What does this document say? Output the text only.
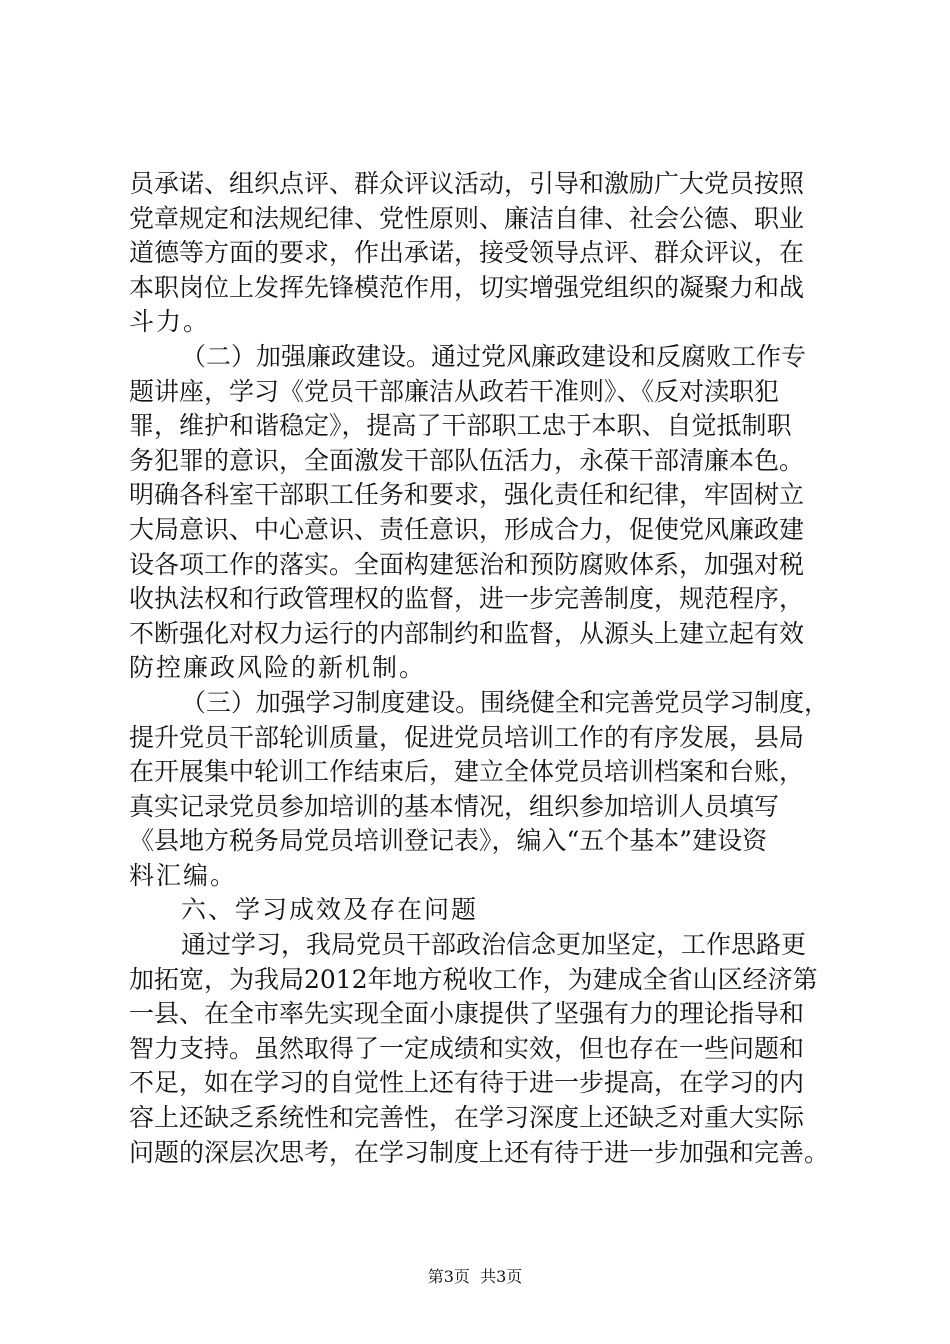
员承诺、组织点评、群众评议活动，引导和激励广大党员按照
党章规定和法规纪律、党性原则、廉洁自律、社会公德、职业
道德等方面的要求，作出承诺，接受领导点评、群众评议，在
本职岗位上发挥先锋模范作用，切实增强党组织的凝聚力和战
斗力。
（二）加强廉政建设。通过党风廉政建设和反腐败工作专
题讲座，学习《党员干部廉洁从政若干准则》、《反对渎职犯
罪，维护和谐稳定》，提高了干部职工忠于本职、自觉抵制职
务犯罪的意识，全面激发干部队伍活力，永葆干部清廉本色。
明确各科室干部职工任务和要求，强化责任和纪律，牢固树立
大局意识、中心意识、责任意识，形成合力，促使党风廉政建
设各项工作的落实。全面构建惩治和预防腐败体系，加强对税
收执法权和行政管理权的监督，进一步完善制度，规范程序，
不断强化对权力运行的内部制约和监督，从源头上建立起有效
防控廉政风险的新机制。
（三）加强学习制度建设。围绕健全和完善党员学习制度，
提升党员干部轮训质量，促进党员培训工作的有序发展，县局
在开展集中轮训工作结束后，建立全体党员培训档案和台账，
真实记录党员参加培训的基本情况，组织参加培训人员填写
《县地方税务局党员培训登记表》，编入“五个基本”建设资
料汇编。
六、学习成效及存在问题
通过学习，我局党员干部政治信念更加坚定，工作思路更
加拓宽，为我局2012年地方税收工作，为建成全省山区经济第
一县、在全市率先实现全面小康提供了坚强有力的理论指导和
智力支持。虽然取得了一定成绩和实效，但也存在一些问题和
不足，如在学习的自觉性上还有待于进一步提高，在学习的内
容上还缺乏系统性和完善性，在学习深度上还缺乏对重大实际
问题的深层次思考，在学习制度上还有待于进一步加强和完善。
第3页  共3页
